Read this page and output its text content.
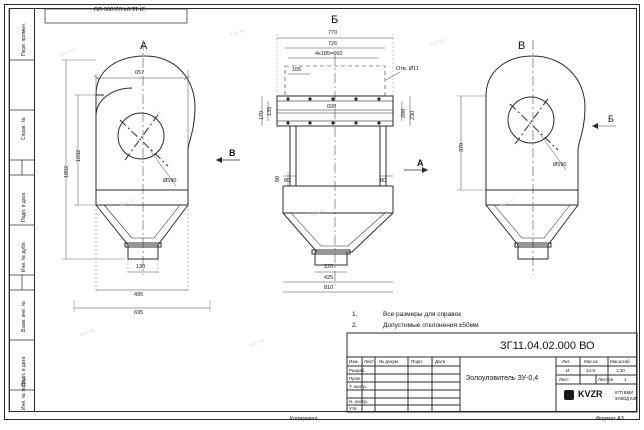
kvzr.kz
kvzr.kz
kvzr.kz
kvzr.kz
kvzr.kz
kvzr.kz
kvzr.kz
kvzr.kz
ЗГ11.04.02.000 ВО
Перв. примен.
Справ. №
Подп. и дата
Инв. № дубл.
Взам. инв. №
Подп. и дата
Инв. № подл.
А
Б
В
В
А
Б
657
1032
1852
495
695
130
Ø590
770
726
4x185=660
165
600
Отв. Ø11
135
170	200 230
80	80
80
220
425
810
370
Ø590
1.	Все размеры для справок
2.	Допустимые отклонения ±50мм
ЗГ11.04.02.000 ВО
Изм. Лист № докум.	Подп.	Дата
Разраб.
Пров.
Т. контр.
Н. контр.
Утв.
Золоуловитель ЗУ-0,4
Лит.	Масса	Масштаб
И	14.9	1:10
Лист	Листов 1
KVZR	КГП ВМИ
ЗАВОД КЗР
Копировал	Формат А3
